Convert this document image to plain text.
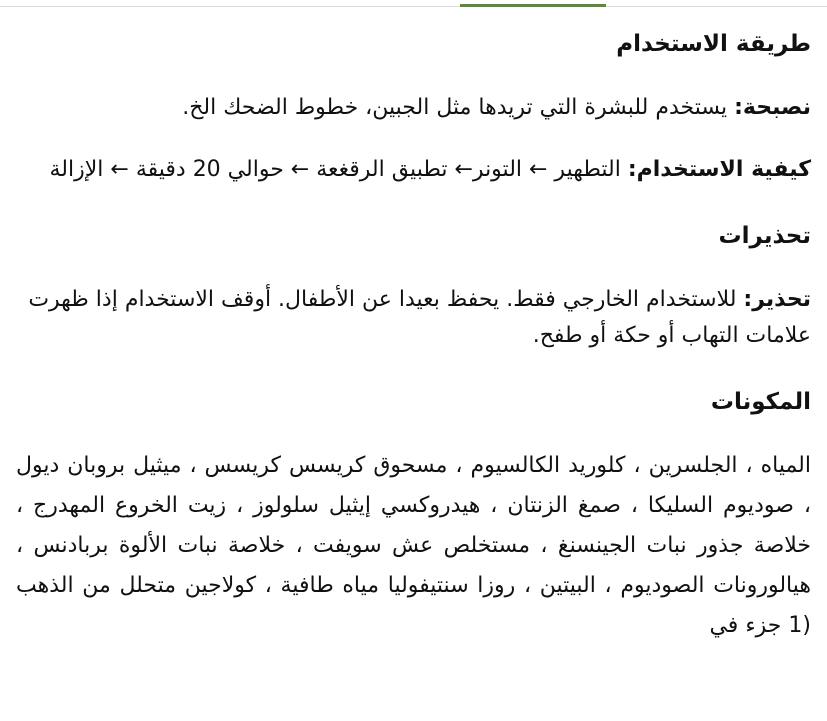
طريقة الاستخدام

نصبحة: يستخدم للبشرة التي تريدها مثل الجبين، خطوط الضحك الخ.

كيفية الاستخدام: التطهير ← التونر← تطبيق الرقغعة ← حوالي 20 دقيقة ← الإزالة

تحذيرات

تحذير: للاستخدام الخارجي فقط. يحفظ بعيدا عن الأطفال. أوقف الاستخدام إذا ظهرت علامات التهاب أو حكة أو طفح.

المكونات

المياه ، الجلسرين ، كلوريد الكالسيوم ، مسحوق كريسس كريسس ، ميثيل بروبان ديول ، صوديوم السليكا ، صمغ الزنتان ، هيدروكسي إيثيل سلولوز ، زيت الخروع المهدرج ، خلاصة جذور نبات الجينسنغ ، مستخلص عش سويفت ، خلاصة نبات الألوة بربادنس ، هيالورونات الصوديوم ، البيتين ، روزا سنتيفوليا مياه طافية ، كولاجين متحلل من الذهب (1 جزء في
